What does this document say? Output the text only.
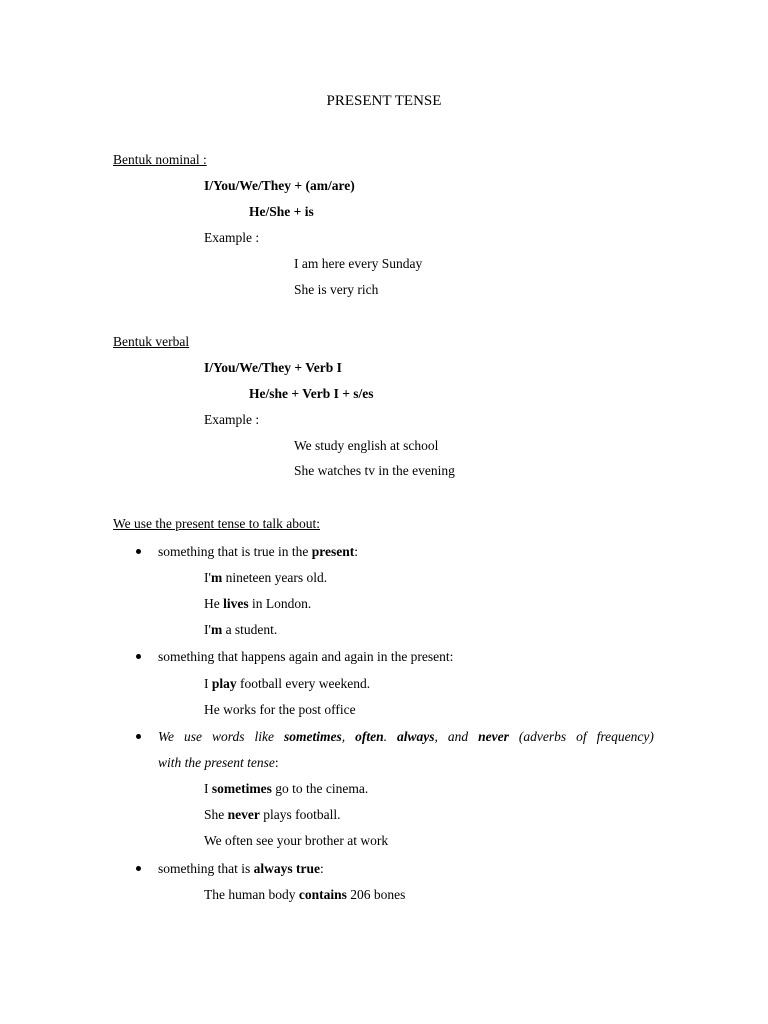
PRESENT TENSE
Bentuk nominal :
I/You/We/They + (am/are)
He/She + is
Example :
I am here every Sunday
She is very rich
Bentuk verbal
I/You/We/They + Verb I
He/she + Verb I + s/es
Example :
We study english at school
She watches tv in the evening
We use the present tense to talk about:
something that is true in the present:
I'm nineteen years old.
He lives in London.
I'm a student.
something that happens again and again in the present:
I play football every weekend.
He works for the post office
We use words like sometimes, often. always, and never (adverbs of frequency)
with the present tense:
I sometimes go to the cinema.
She never plays football.
We often see your brother at work
something that is always true:
The human body contains 206 bones
